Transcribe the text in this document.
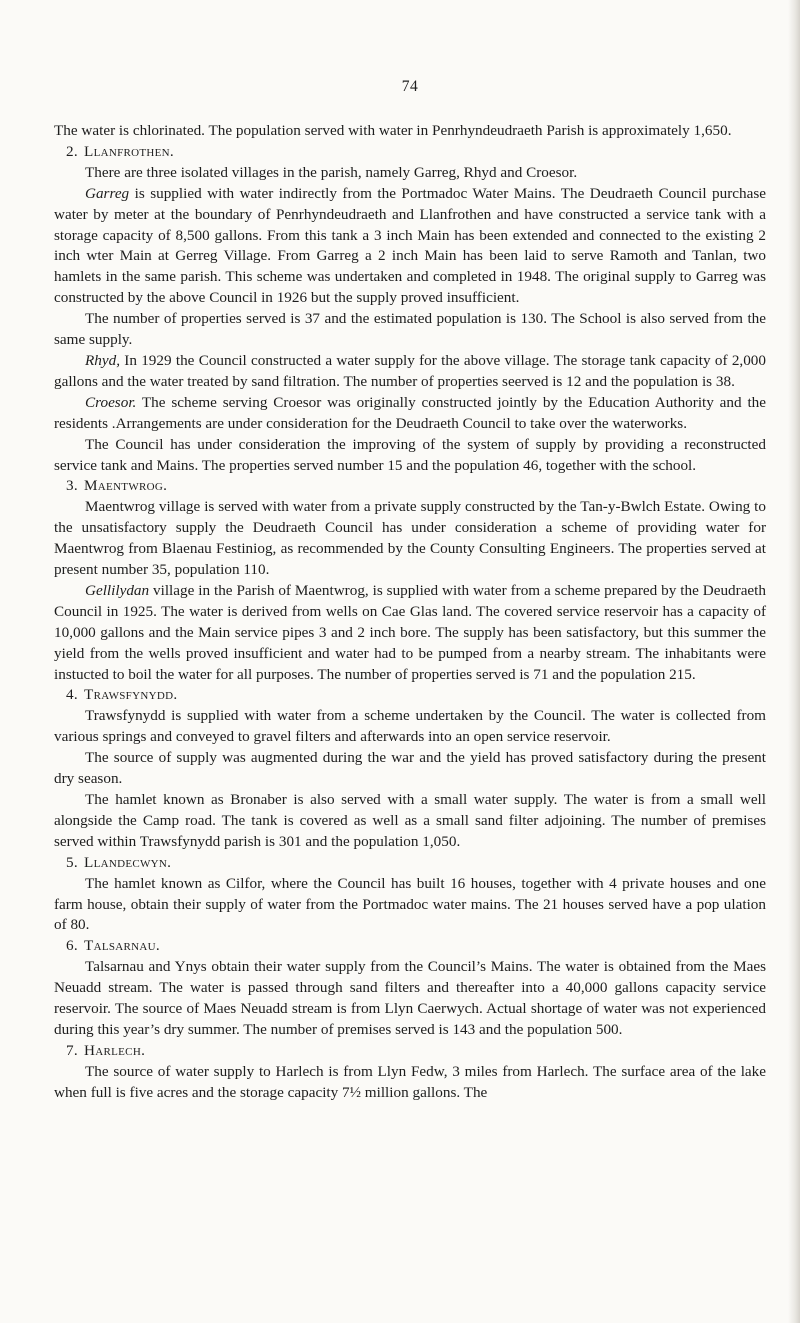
74

The water is chlorinated. The population served with water in Penrhyndeudraeth Parish is approximately 1,650.

2. Llanfrothen.

There are three isolated villages in the parish, namely Garreg, Rhyd and Croesor.

Garreg is supplied with water indirectly from the Portmadoc Water Mains. The Deudraeth Council purchase water by meter at the boundary of Penrhyndeudraeth and Llanfrothen and have constructed a service tank with a storage capacity of 8,500 gallons. From this tank a 3 inch Main has been extended and connected to the existing 2 inch wter Main at Gerreg Village. From Garreg a 2 inch Main has been laid to serve Ramoth and Tanlan, two hamlets in the same parish. This scheme was undertaken and completed in 1948. The original supply to Garreg was constructed by the above Council in 1926 but the supply proved insufficient.

The number of properties served is 37 and the estimated population is 130. The School is also served from the same supply.

Rhyd, In 1929 the Council constructed a water supply for the above village. The storage tank capacity of 2,000 gallons and the water treated by sand filtration. The number of properties seerved is 12 and the population is 38.

Croesor. The scheme serving Croesor was originally constructed jointly by the Education Authority and the residents .Arrangements are under consideration for the Deudraeth Council to take over the waterworks.

The Council has under consideration the improving of the system of supply by providing a reconstructed service tank and Mains. The properties served number 15 and the population 46, together with the school.

3. Maentwrog.

Maentwrog village is served with water from a private supply constructed by the Tan-y-Bwlch Estate. Owing to the unsatisfactory supply the Deudraeth Council has under consideration a scheme of providing water for Maentwrog from Blaenau Festiniog, as recommended by the County Consulting Engineers. The properties served at present number 35, population 110.

Gellilydan village in the Parish of Maentwrog, is supplied with water from a scheme prepared by the Deudraeth Council in 1925. The water is derived from wells on Cae Glas land. The covered service reservoir has a capacity of 10,000 gallons and the Main service pipes 3 and 2 inch bore. The supply has been satisfactory, but this summer the yield from the wells proved insufficient and water had to be pumped from a nearby stream. The inhabitants were instucted to boil the water for all purposes. The number of properties served is 71 and the population 215.

4. Trawsfynydd.

Trawsfynydd is supplied with water from a scheme undertaken by the Council. The water is collected from various springs and conveyed to gravel filters and afterwards into an open service reservoir.

The source of supply was augmented during the war and the yield has proved satisfactory during the present dry season.

The hamlet known as Bronaber is also served with a small water supply. The water is from a small well alongside the Camp road. The tank is covered as well as a small sand filter adjoining. The number of premises served within Trawsfynydd parish is 301 and the population 1,050.

5. Llandecwyn.

The hamlet known as Cilfor, where the Council has built 16 houses, together with 4 private houses and one farm house, obtain their supply of water from the Portmadoc water mains. The 21 houses served have a pop ulation of 80.

6. Talsarnau.

Talsarnau and Ynys obtain their water supply from the Council’s Mains. The water is obtained from the Maes Neuadd stream. The water is passed through sand filters and thereafter into a 40,000 gallons capacity service reservoir. The source of Maes Neuadd stream is from Llyn Caerwych. Actual shortage of water was not experienced during this year’s dry summer. The number of premises served is 143 and the population 500.

7. Harlech.

The source of water supply to Harlech is from Llyn Fedw, 3 miles from Harlech. The surface area of the lake when full is five acres and the storage capacity 7½ million gallons. The
